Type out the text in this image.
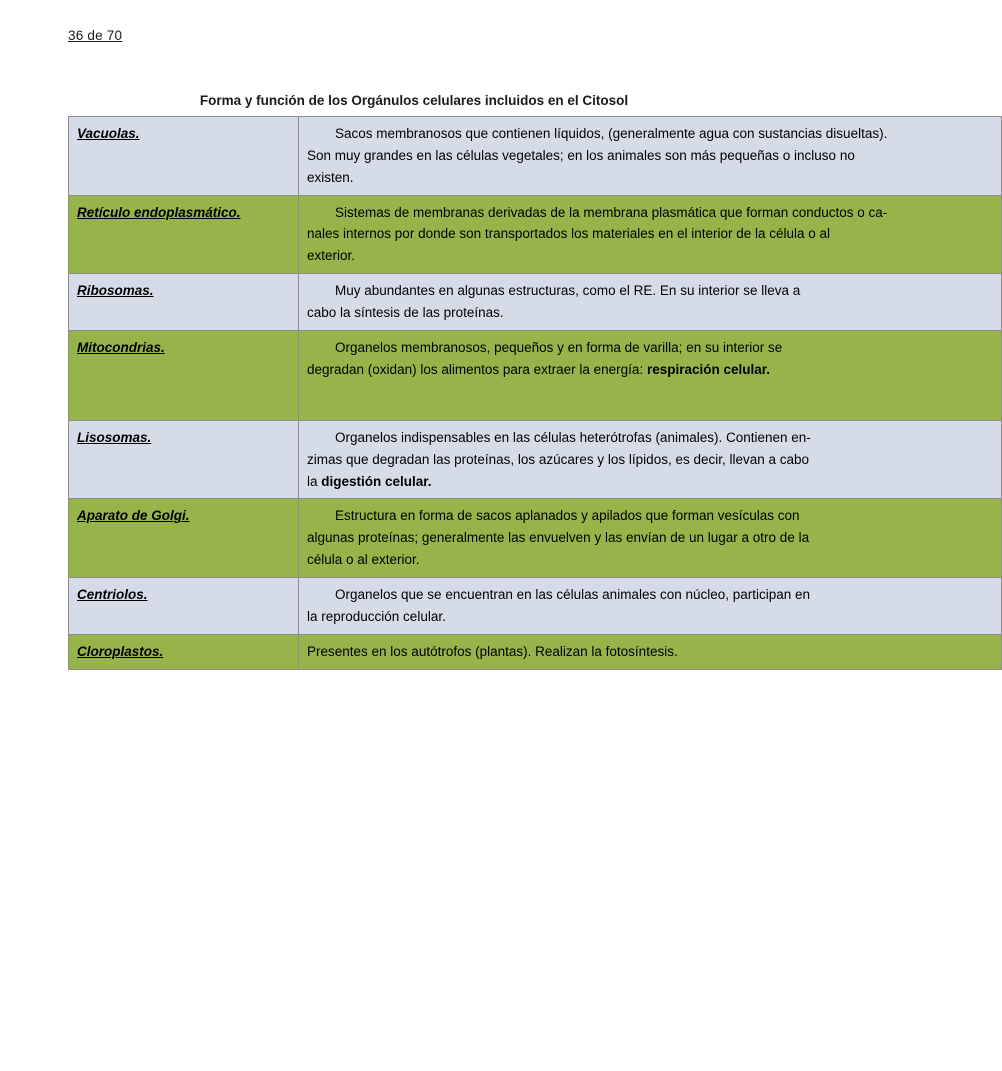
36 de 70
Forma y función de los Orgánulos celulares incluidos en el Citosol
Vacuolas.	Sacos membranosos que contienen líquidos, (generalmente agua con sustancias disueltas).
Son muy grandes en las células vegetales; en los animales son más pequeñas o incluso no
existen.

Retículo endoplasmático.	Sistemas de membranas derivadas de la membrana plasmática que forman conductos o ca-
nales internos por donde son transportados los materiales en el interior de la célula o al
exterior.

Ribosomas.	Muy abundantes en algunas estructuras, como el RE. En su interior se lleva a
cabo la síntesis de las proteínas.

Mitocondrias.	Organelos membranosos, pequeños y en forma de varilla; en su interior se
degradan (oxidan) los alimentos para extraer la energía: respiración celular.

Lisosomas.	Organelos indispensables en las células heterótrofas (animales). Contienen en-
zimas que degradan las proteínas, los azúcares y los lípidos, es decir, llevan a cabo
la digestión celular.

Aparato de Golgi.	Estructura en forma de sacos aplanados y apilados que forman vesículas con
algunas proteínas; generalmente las envuelven y las envían de un lugar a otro de la
célula o al exterior.

Centriolos.	Organelos que se encuentran en las células animales con núcleo, participan en
la reproducción celular.

Cloroplastos.	Presentes en los autótrofos (plantas). Realizan la fotosíntesis.
